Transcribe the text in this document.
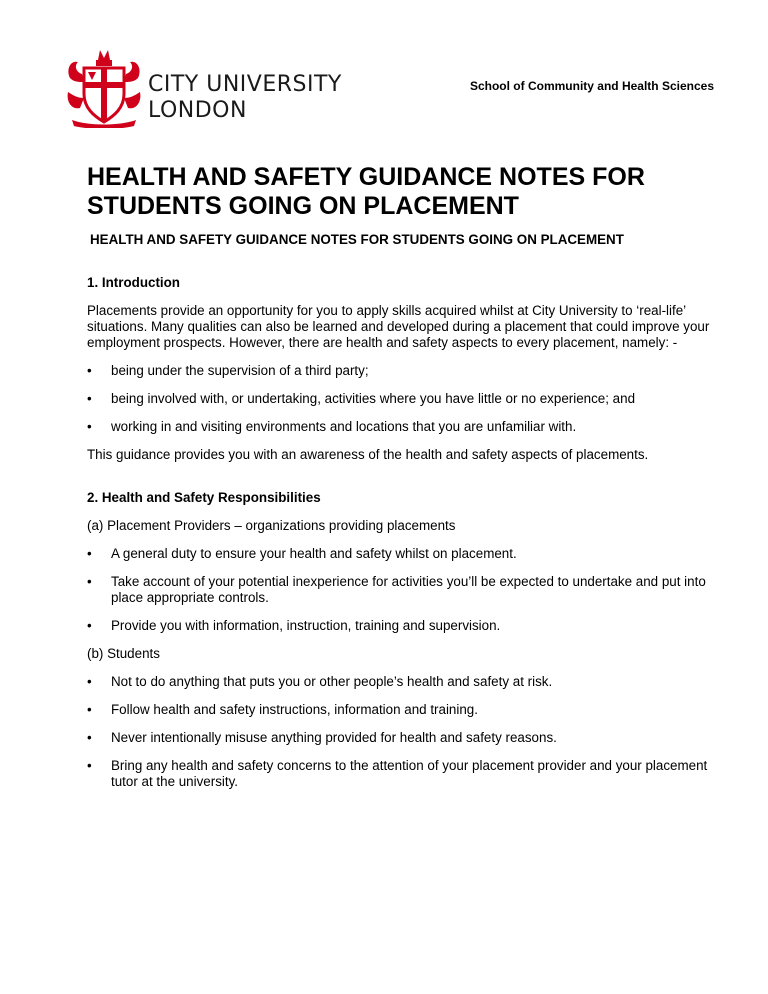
CITY UNIVERSITY
LONDON
School of Community and Health Sciences
HEALTH AND SAFETY GUIDANCE NOTES FOR STUDENTS GOING ON PLACEMENT
HEALTH AND SAFETY GUIDANCE NOTES FOR STUDENTS GOING ON PLACEMENT
1. Introduction

Placements provide an opportunity for you to apply skills acquired whilst at City University to ‘real-life’ situations. Many qualities can also be learned and developed during a placement that could improve your employment prospects. However, there are health and safety aspects to every placement, namely: -

• being under the supervision of a third party;
• being involved with, or undertaking, activities where you have little or no experience; and
• working in and visiting environments and locations that you are unfamiliar with.

This guidance provides you with an awareness of the health and safety aspects of placements.

2. Health and Safety Responsibilities

(a) Placement Providers – organizations providing placements

• A general duty to ensure your health and safety whilst on placement.
• Take account of your potential inexperience for activities you’ll be expected to undertake and put into place appropriate controls.
• Provide you with information, instruction, training and supervision.

(b) Students

• Not to do anything that puts you or other people’s health and safety at risk.
• Follow health and safety instructions, information and training.
• Never intentionally misuse anything provided for health and safety reasons.
• Bring any health and safety concerns to the attention of your placement provider and your placement tutor at the university.
